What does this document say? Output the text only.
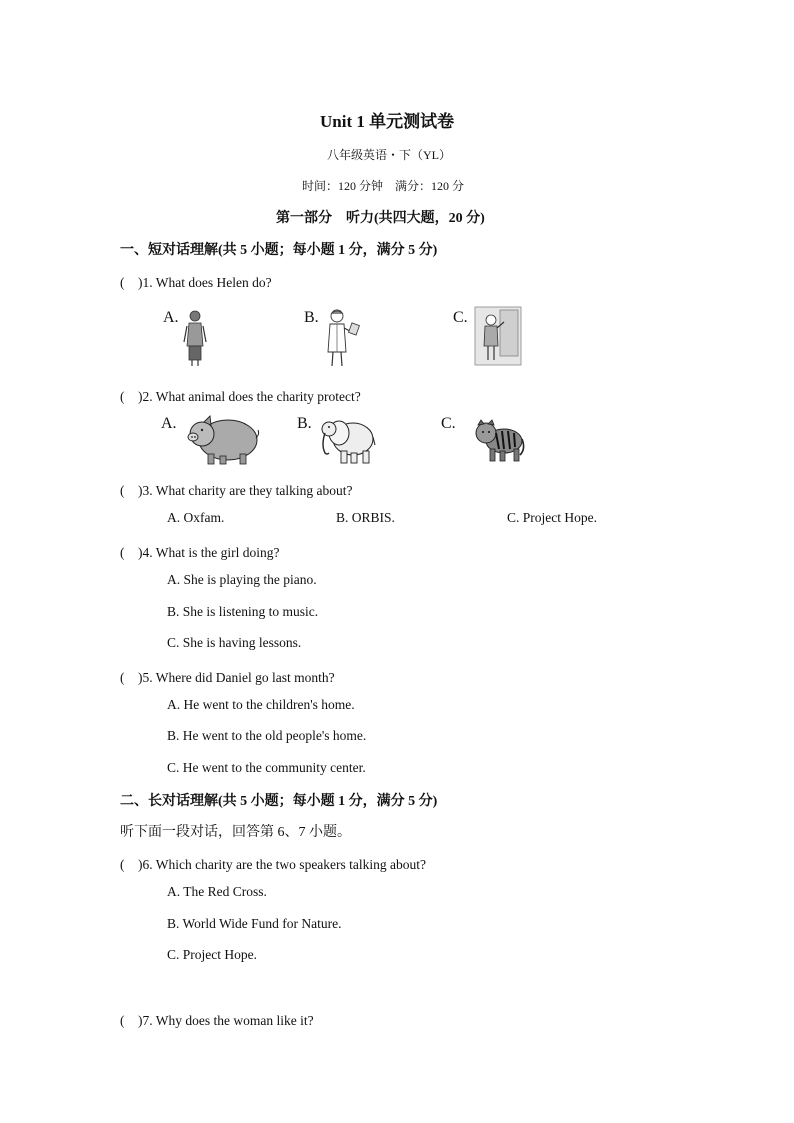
Unit 1 单元测试卷
八年级英语・下（YL）
时间：120 分钟　满分：120 分
第一部分　听力(共四大题，20 分)
一、短对话理解(共 5 小题；每小题 1 分，满分 5 分)
(　)1. What does Helen do?
A.	B.	C.
(　)2. What animal does the charity protect?
A.	B.	C.
(　)3. What charity are they talking about?
A. Oxfam.	B. ORBIS.	C. Project Hope.
(　)4. What is the girl doing?
A. She is playing the piano.
B. She is listening to music.
C. She is having lessons.
(　)5. Where did Daniel go last month?
A. He went to the children's home.
B. He went to the old people's home.
C. He went to the community center.
二、长对话理解(共 5 小题；每小题 1 分，满分 5 分)
听下面一段对话，回答第 6、7 小题。
(　)6. Which charity are the two speakers talking about?
A. The Red Cross.
B. World Wide Fund for Nature.
C. Project Hope.
(　)7. Why does the woman like it?
